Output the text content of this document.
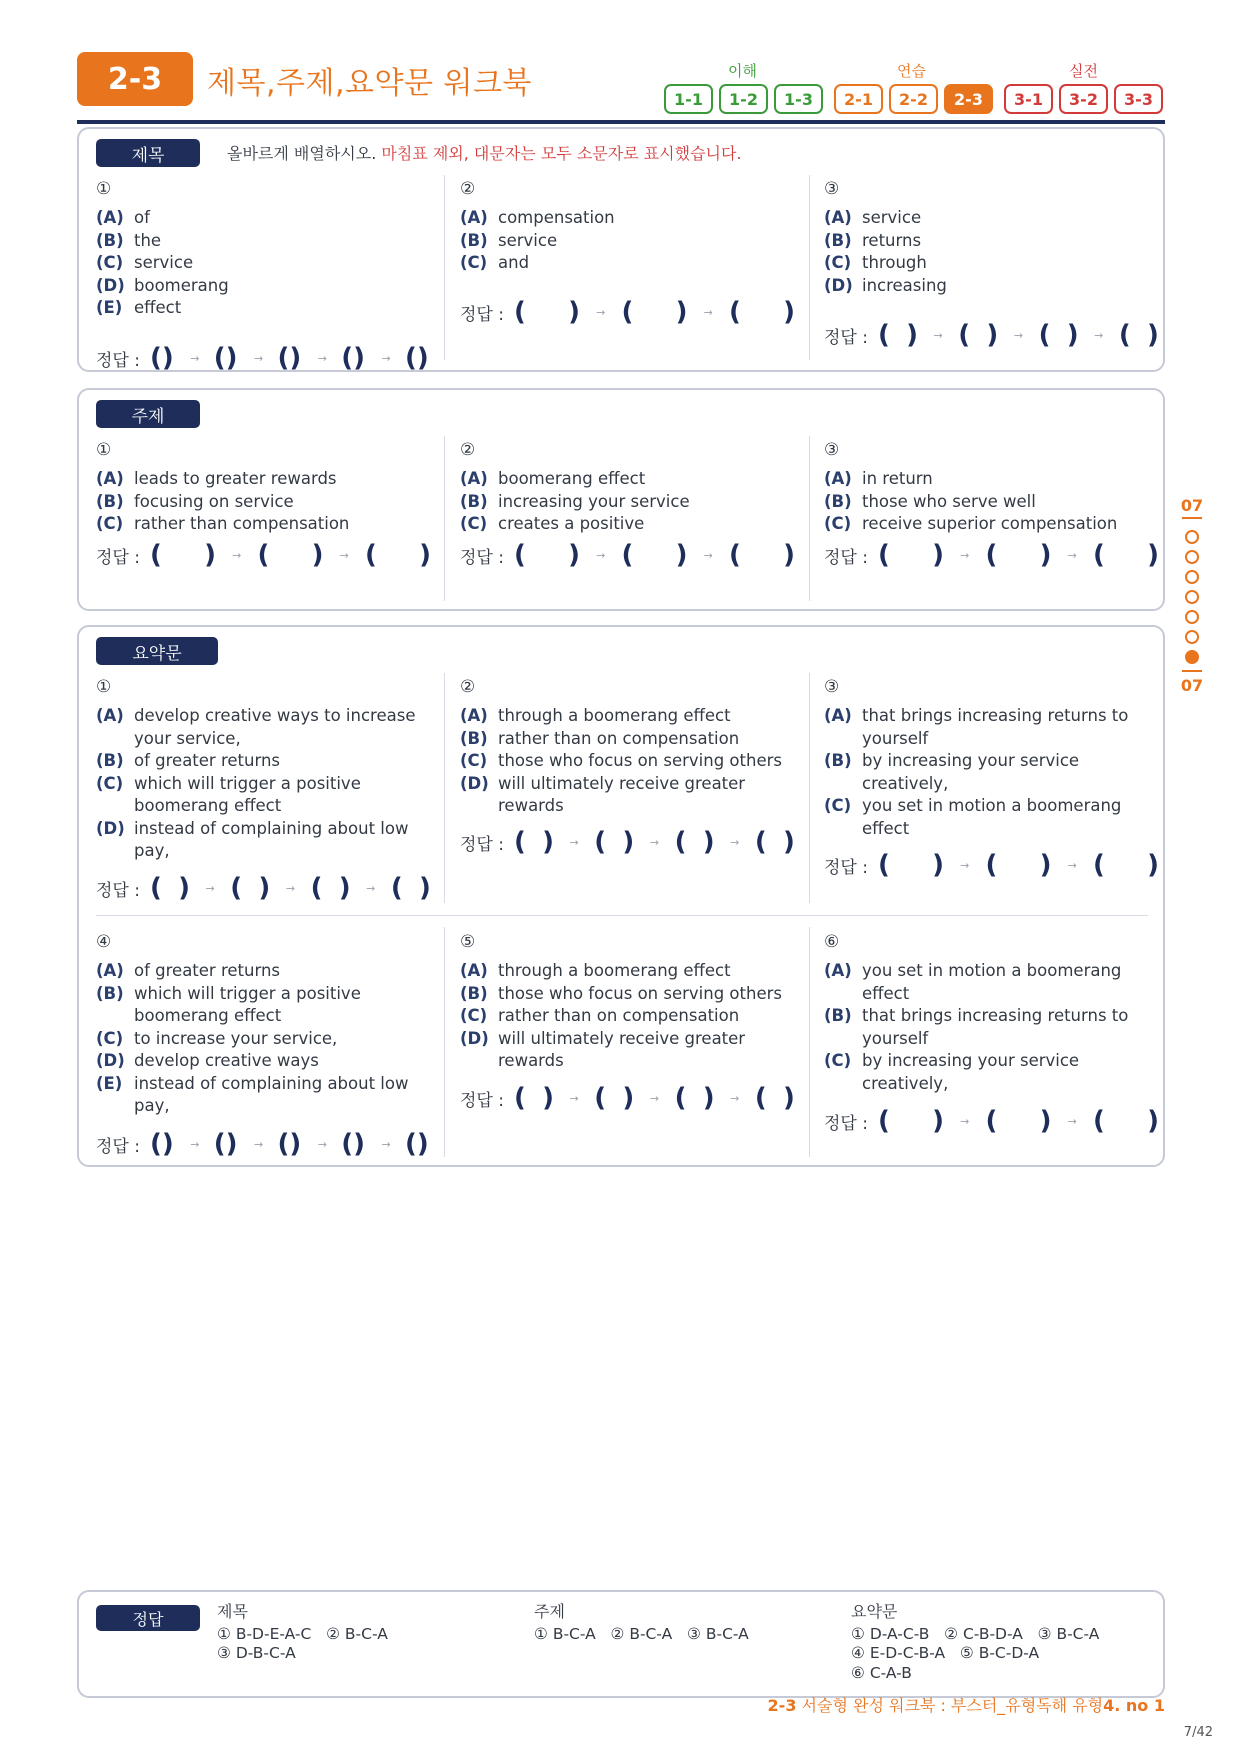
2-3	제목,주제,요약문 워크북	이해	연습	실전
1-1	1-2	1-3	2-1	2-2	2-3	3-1	3-2	3-3
07
07
제목	올바르게 배열하시오. 마침표 제외, 대문자는 모두 소문자로 표시했습니다.
①
(A) of
(B) the
(C) service
(D) boomerang
(E) effect
정답 : () → () → () → () → ()
②
(A) compensation
(B) service
(C) and
정답 : ( ) → ( ) → ( )
③
(A) service
(B) returns
(C) through
(D) increasing
정답 : ( ) → ( ) → ( ) → ( )
주제
①
(A) leads to greater rewards
(B) focusing on service
(C) rather than compensation
정답 : ( ) → ( ) → ( )
②
(A) boomerang effect
(B) increasing your service
(C) creates a positive
정답 : ( ) → ( ) → ( )
③
(A) in return
(B) those who serve well
(C) receive superior compensation
정답 : ( ) → ( ) → ( )
요약문
①
(A) develop creative ways to increase your service,
(B) of greater returns
(C) which will trigger a positive boomerang effect
(D) instead of complaining about low pay,
정답 : ( ) → ( ) → ( ) → ( )
②
(A) through a boomerang effect
(B) rather than on compensation
(C) those who focus on serving others
(D) will ultimately receive greater rewards
정답 : ( ) → ( ) → ( ) → ( )
③
(A) that brings increasing returns to yourself
(B) by increasing your service creatively,
(C) you set in motion a boomerang effect
정답 : ( ) → ( ) → ( )
④
(A) of greater returns
(B) which will trigger a positive boomerang effect
(C) to increase your service,
(D) develop creative ways
(E) instead of complaining about low pay,
정답 : () → () → () → () → ()
⑤
(A) through a boomerang effect
(B) those who focus on serving others
(C) rather than on compensation
(D) will ultimately receive greater rewards
정답 : ( ) → ( ) → ( ) → ( )
⑥
(A) you set in motion a boomerang effect
(B) that brings increasing returns to yourself
(C) by increasing your service creatively,
정답 : ( ) → ( ) → ( )
정답	제목
① B-D-E-A-C   ② B-C-A
③ D-B-C-A
주제
① B-C-A   ② B-C-A   ③ B-C-A
요약문
① D-A-C-B   ② C-B-D-A   ③ B-C-A
④ E-D-C-B-A   ⑤ B-C-D-A
⑥ C-A-B
2-3 서술형 완성 워크북 : 부스터_유형독해 유형4. no 1
7/42
